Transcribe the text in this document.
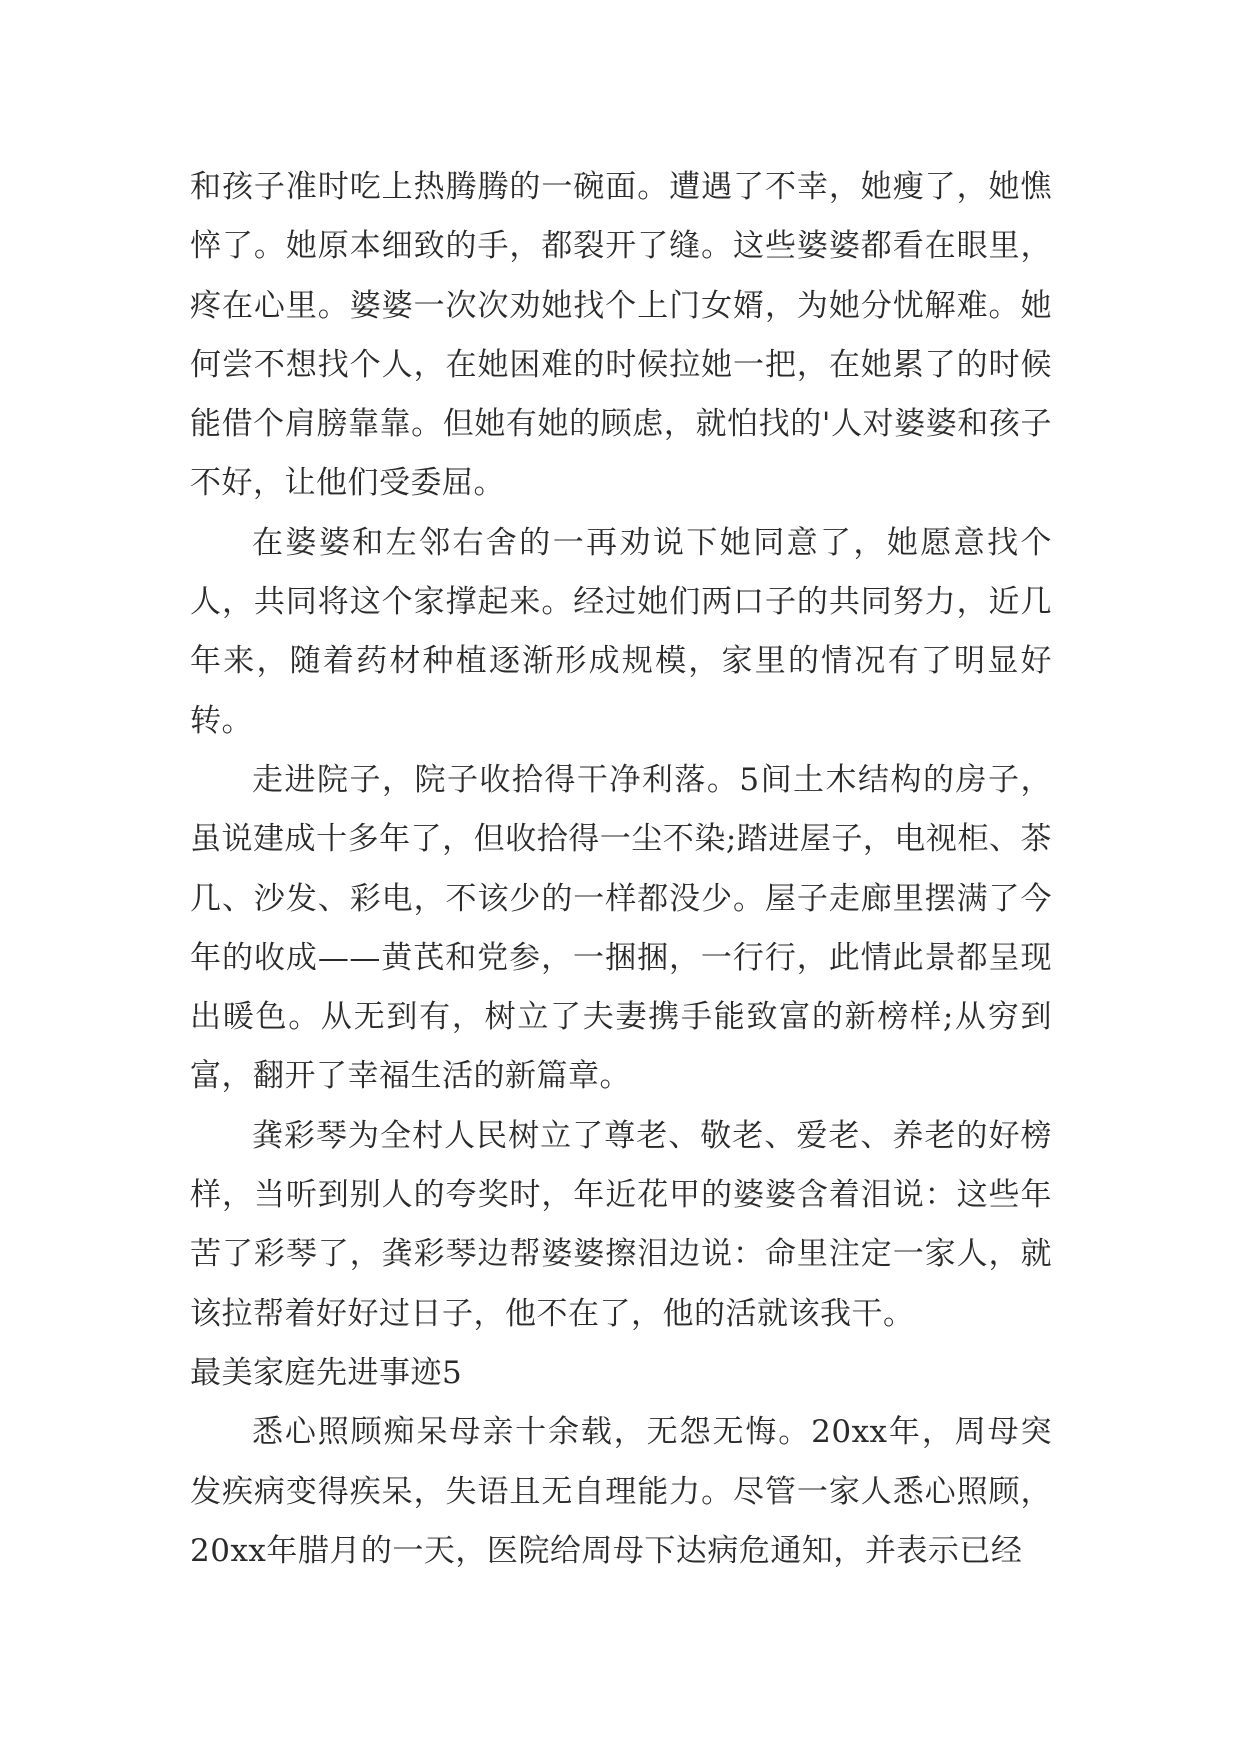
和孩子准时吃上热腾腾的一碗面。遭遇了不幸，她瘦了，她憔悴了。她原本细致的手，都裂开了缝。这些婆婆都看在眼里，疼在心里。婆婆一次次劝她找个上门女婿，为她分忧解难。她何尝不想找个人，在她困难的时候拉她一把，在她累了的时候能借个肩膀靠靠。但她有她的顾虑，就怕找的'人对婆婆和孩子不好，让他们受委屈。

在婆婆和左邻右舍的一再劝说下她同意了，她愿意找个人，共同将这个家撑起来。经过她们两口子的共同努力，近几年来，随着药材种植逐渐形成规模，家里的情况有了明显好转。

走进院子，院子收拾得干净利落。5间土木结构的房子，虽说建成十多年了，但收拾得一尘不染;踏进屋子，电视柜、茶几、沙发、彩电，不该少的一样都没少。屋子走廊里摆满了今年的收成——黄芪和党参，一捆捆，一行行，此情此景都呈现出暖色。从无到有，树立了夫妻携手能致富的新榜样;从穷到富，翻开了幸福生活的新篇章。

龚彩琴为全村人民树立了尊老、敬老、爱老、养老的好榜样，当听到别人的夸奖时，年近花甲的婆婆含着泪说：这些年苦了彩琴了，龚彩琴边帮婆婆擦泪边说：命里注定一家人，就该拉帮着好好过日子，他不在了，他的活就该我干。

最美家庭先进事迹5

悉心照顾痴呆母亲十余载，无怨无悔。20xx年，周母突发疾病变得疾呆，失语且无自理能力。尽管一家人悉心照顾，20xx年腊月的一天，医院给周母下达病危通知，并表示已经
